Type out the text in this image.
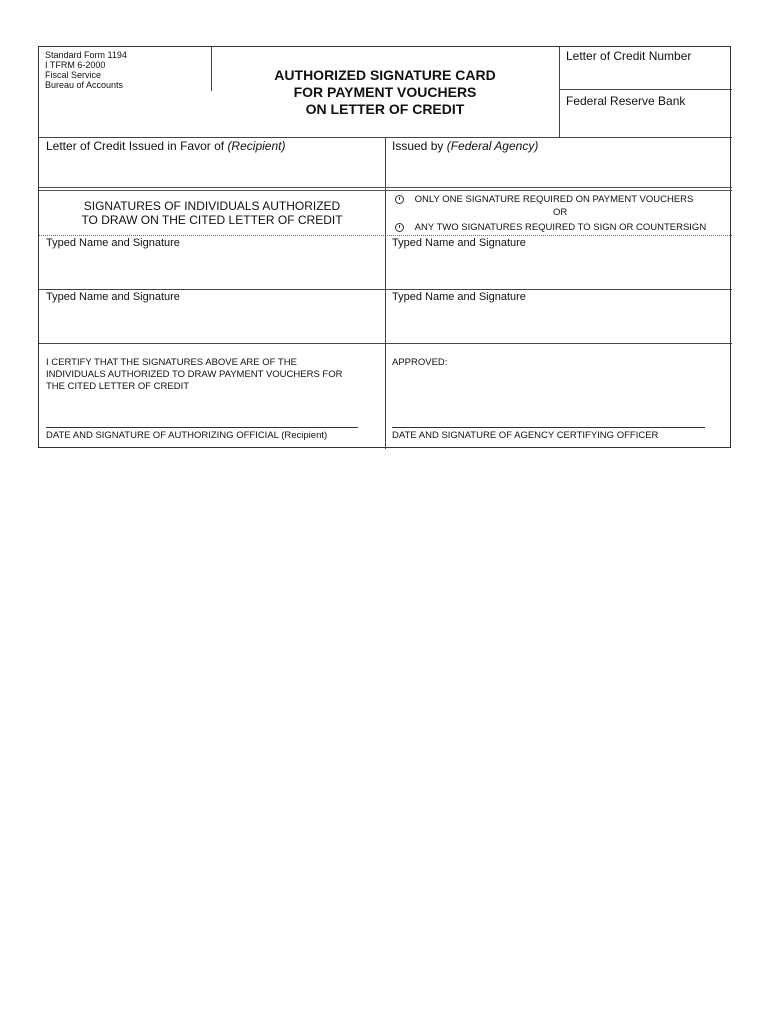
Standard Form 1194
I TFRM 6-2000
Fiscal Service
Bureau of Accounts
AUTHORIZED SIGNATURE CARD
FOR PAYMENT VOUCHERS
ON LETTER OF CREDIT
Letter of Credit Number
Federal Reserve Bank
Letter of Credit Issued in Favor of (Recipient)	Issued by (Federal Agency)
SIGNATURES OF INDIVIDUALS AUTHORIZED
TO DRAW ON THE CITED LETTER OF CREDIT
ONLY ONE SIGNATURE REQUIRED ON PAYMENT VOUCHERS
OR
ANY TWO SIGNATURES REQUIRED TO SIGN OR COUNTERSIGN
Typed Name and Signature	Typed Name and Signature
Typed Name and Signature	Typed Name and Signature
I CERTIFY THAT THE SIGNATURES ABOVE ARE OF THE
INDIVIDUALS AUTHORIZED TO DRAW PAYMENT VOUCHERS FOR
THE CITED LETTER OF CREDIT
APPROVED:
DATE AND SIGNATURE OF AUTHORIZING OFFICIAL (Recipient)	DATE AND SIGNATURE OF AGENCY CERTIFYING OFFICER
